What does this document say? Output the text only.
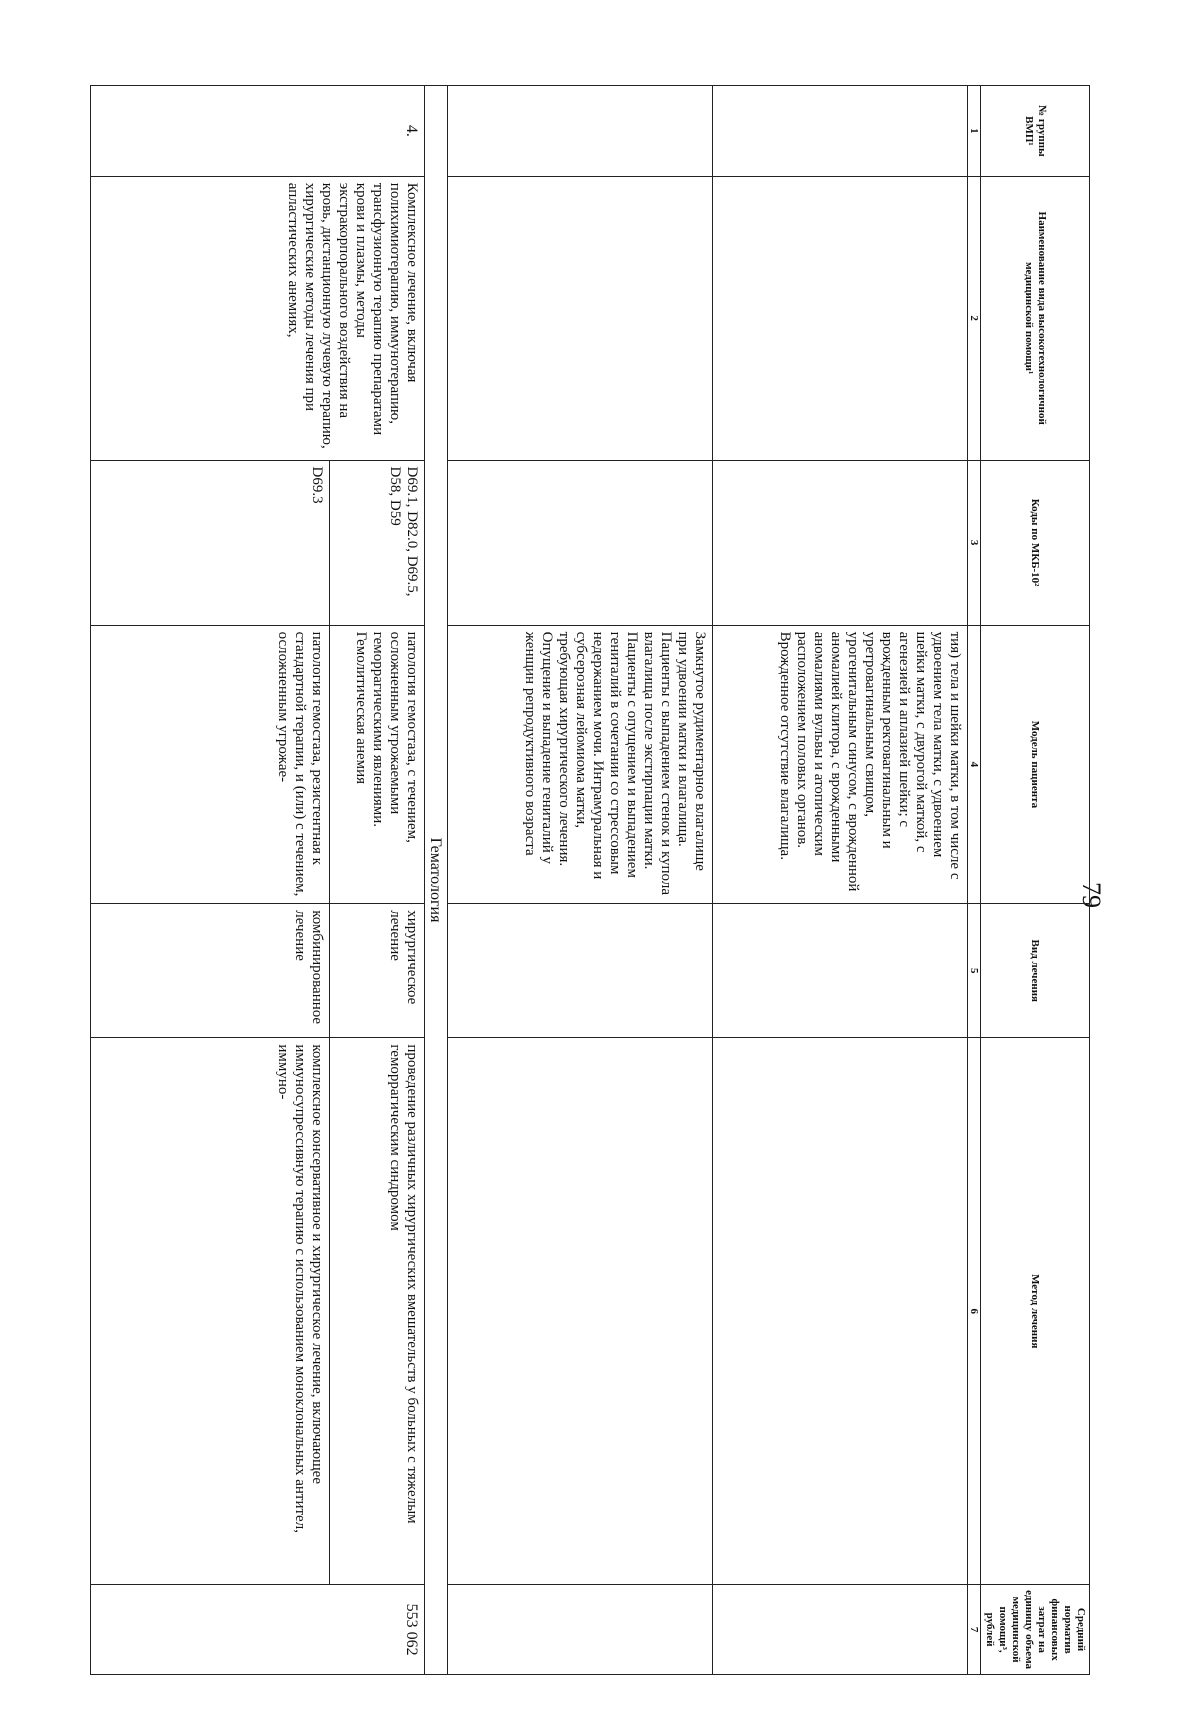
79
№ группы ВМП¹	Наименование вида высокотехнологичной медицинской помощи¹	Коды по МКБ-10²	Модель пациента	Вид лечения	Метод лечения	Средний норматив финансовых затрат на единицу объема медицинской помощи³, рублей
1	2	3	4	5	6	7
			тия) тела и шейки матки, в том числе с удвоением тела матки, с удвоением шейки матки, с двурогой маткой, с агенезией и аплазией шейки; с врожденным ректовагинальным и уретровагинальным свищом, урогенитальным синусом, с врожденной аномалией клитора, с врожденными аномалиями вульвы и атопическим расположением половых органов. Врожденное отсутствие влагалища.			
			Замкнутое рудиментарное влагалище при удвоении матки и влагалища. Пациенты с выпадением стенок и купола влагалища после экстирпации матки. Пациенты с опущением и выпадением гениталий в сочетании со стрессовым недержанием мочи. Интрамуральная и субсерозная лейомиома матки, требующая хирургического лечения. Опущение и выпадение гениталий у женщин репродуктивного возраста			
Гематология						
4.	Комплексное лечение, включая полихимиотерапию, иммунотерапию, трансфузионную терапию препаратами крови и плазмы, методы экстракорпорального воздействия на кровь, дистанционную лучевую терапию, хирургические методы лечения при апластических анемиях,	D69.1, D82.0, D69.5, D58, D59	патология гемостаза, с течением, осложненным угрожаемыми геморрагическими явлениями. Гемолитическая анемия	хирургическое лечение	проведение различных хирургических вмешательств у больных с тяжелым геморрагическим синдромом	553 062
		D69.3	патология гемостаза, резистентная к стандартной терапии, и (или) с течением, осложненным угрожае-	комбинированное лечение	комплексное консервативное и хирургическое лечение, включающее иммуносупрессивную терапию с использованием моноклональных антител, иммуно-	
